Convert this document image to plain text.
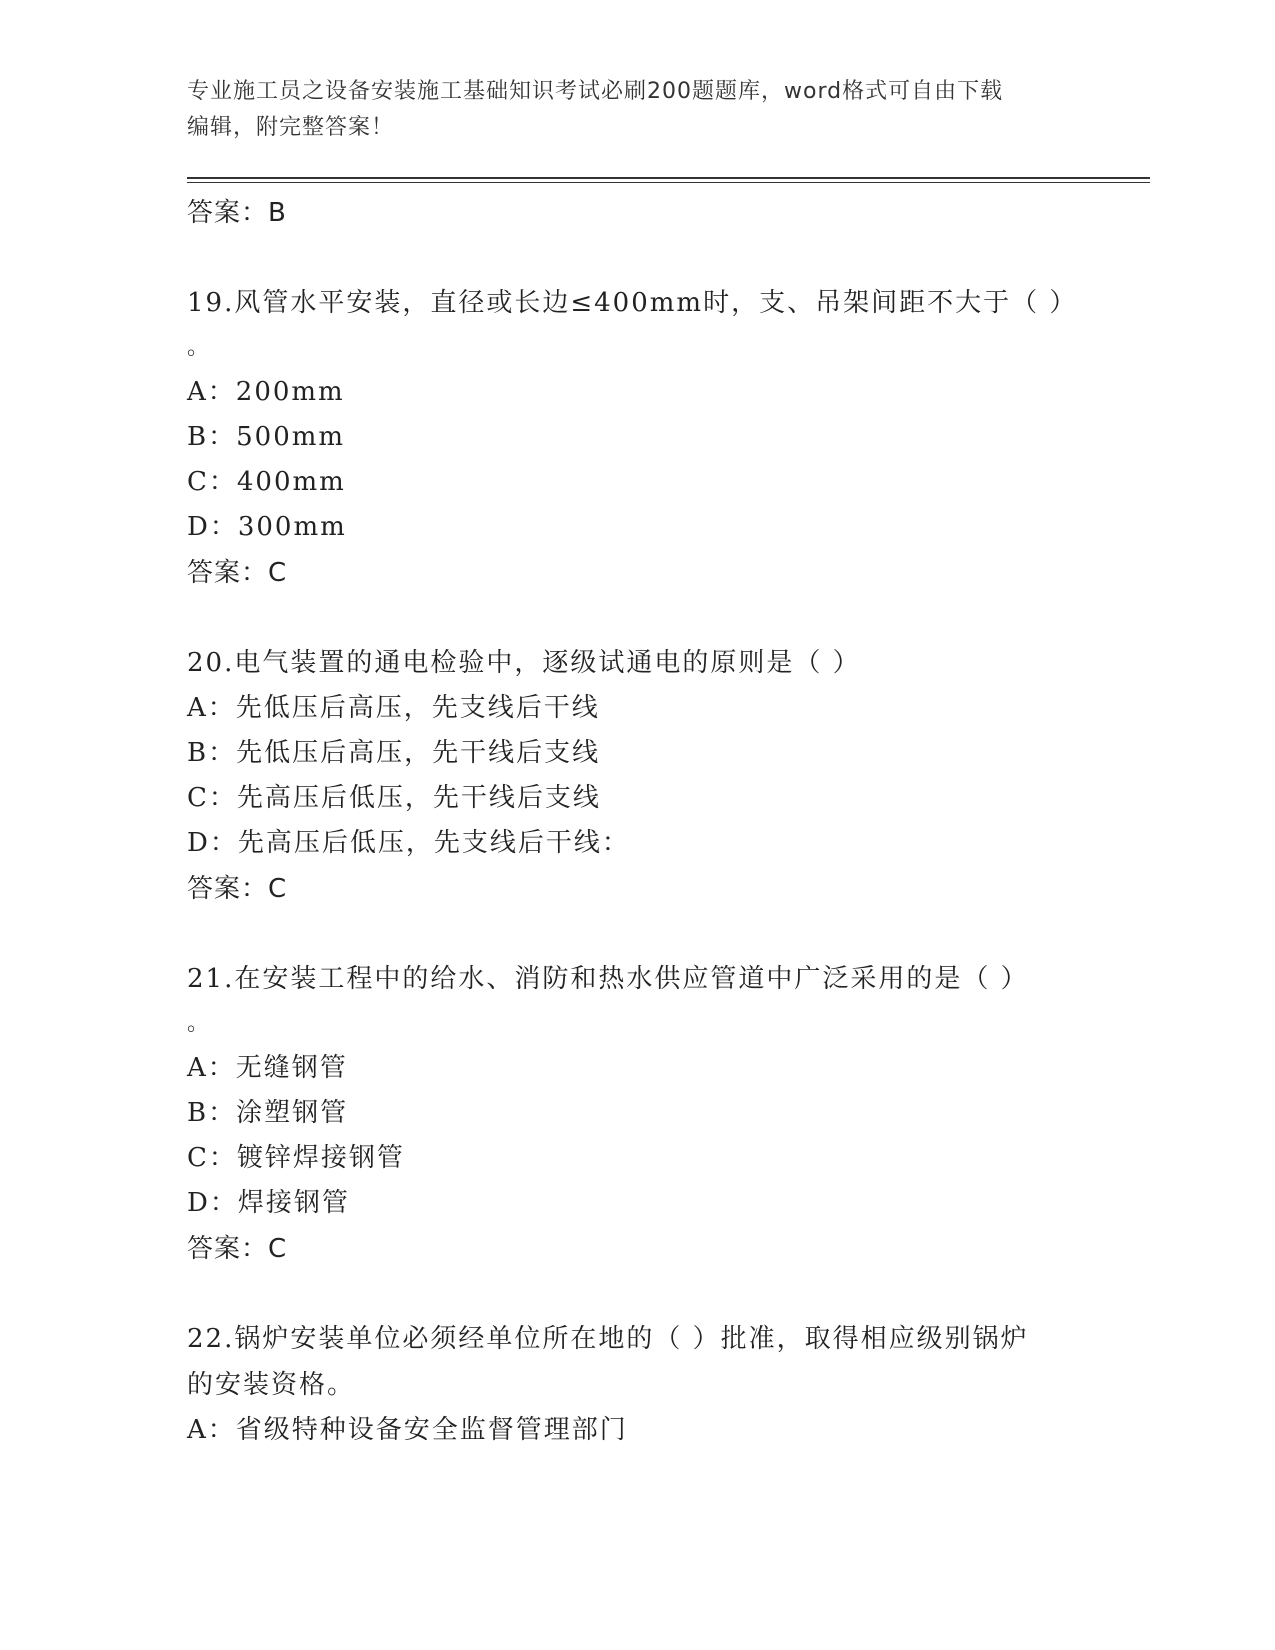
专业施工员之设备安装施工基础知识考试必刷200题题库，word格式可自由下载
编辑，附完整答案！
答案：B
19.风管水平安装，直径或长边≤400mm时，支、吊架间距不大于（ ）
。
A：200mm
B：500mm
C：400mm
D：300mm
答案：C
20.电气装置的通电检验中，逐级试通电的原则是（ ）
A：先低压后高压，先支线后干线
B：先低压后高压，先干线后支线
C：先高压后低压，先干线后支线
D：先高压后低压，先支线后干线：
答案：C
21.在安装工程中的给水、消防和热水供应管道中广泛采用的是（ ）
。
A：无缝钢管
B：涂塑钢管
C：镀锌焊接钢管
D：焊接钢管
答案：C
22.锅炉安装单位必须经单位所在地的（ ）批准，取得相应级别锅炉
的安装资格。
A：省级特种设备安全监督管理部门
